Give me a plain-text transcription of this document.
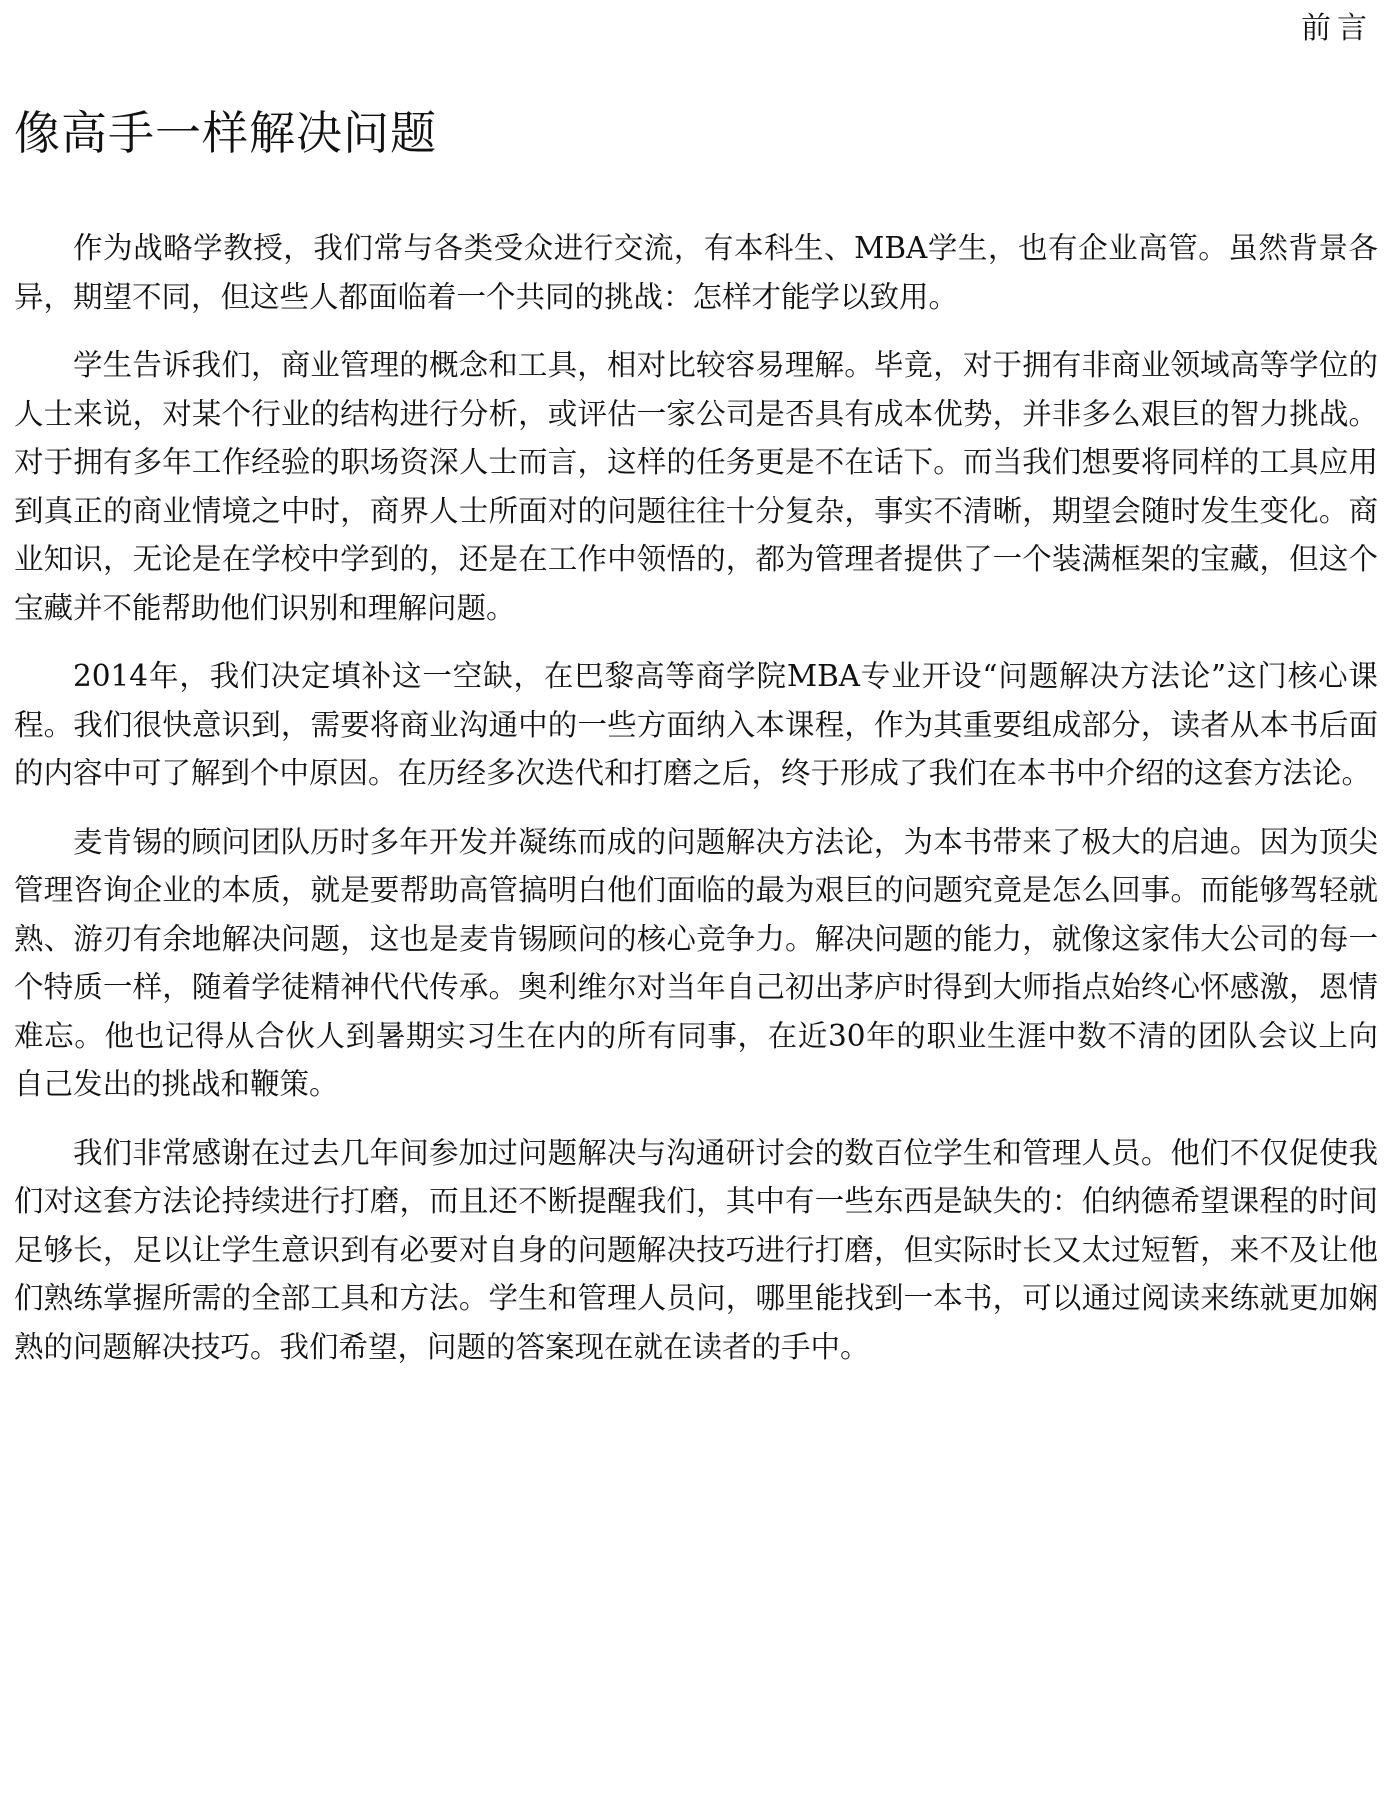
前言
像高手一样解决问题

作为战略学教授，我们常与各类受众进行交流，有本科生、MBA学生，也有企业高管。虽然背景各异，期望不同，但这些人都面临着一个共同的挑战：怎样才能学以致用。

学生告诉我们，商业管理的概念和工具，相对比较容易理解。毕竟，对于拥有非商业领域高等学位的人士来说，对某个行业的结构进行分析，或评估一家公司是否具有成本优势，并非多么艰巨的智力挑战。对于拥有多年工作经验的职场资深人士而言，这样的任务更是不在话下。而当我们想要将同样的工具应用到真正的商业情境之中时，商界人士所面对的问题往往十分复杂，事实不清晰，期望会随时发生变化。商业知识，无论是在学校中学到的，还是在工作中领悟的，都为管理者提供了一个装满框架的宝藏，但这个宝藏并不能帮助他们识别和理解问题。

2014年，我们决定填补这一空缺，在巴黎高等商学院MBA专业开设“问题解决方法论”这门核心课程。我们很快意识到，需要将商业沟通中的一些方面纳入本课程，作为其重要组成部分，读者从本书后面的内容中可了解到个中原因。在历经多次迭代和打磨之后，终于形成了我们在本书中介绍的这套方法论。

麦肯锡的顾问团队历时多年开发并凝练而成的问题解决方法论，为本书带来了极大的启迪。因为顶尖管理咨询企业的本质，就是要帮助高管搞明白他们面临的最为艰巨的问题究竟是怎么回事。而能够驾轻就熟、游刃有余地解决问题，这也是麦肯锡顾问的核心竞争力。解决问题的能力，就像这家伟大公司的每一个特质一样，随着学徒精神代代传承。奥利维尔对当年自己初出茅庐时得到大师指点始终心怀感激，恩情难忘。他也记得从合伙人到暑期实习生在内的所有同事，在近30年的职业生涯中数不清的团队会议上向自己发出的挑战和鞭策。

我们非常感谢在过去几年间参加过问题解决与沟通研讨会的数百位学生和管理人员。他们不仅促使我们对这套方法论持续进行打磨，而且还不断提醒我们，其中有一些东西是缺失的：伯纳德希望课程的时间足够长，足以让学生意识到有必要对自身的问题解决技巧进行打磨，但实际时长又太过短暂，来不及让他们熟练掌握所需的全部工具和方法。学生和管理人员问，哪里能找到一本书，可以通过阅读来练就更加娴熟的问题解决技巧。我们希望，问题的答案现在就在读者的手中。
